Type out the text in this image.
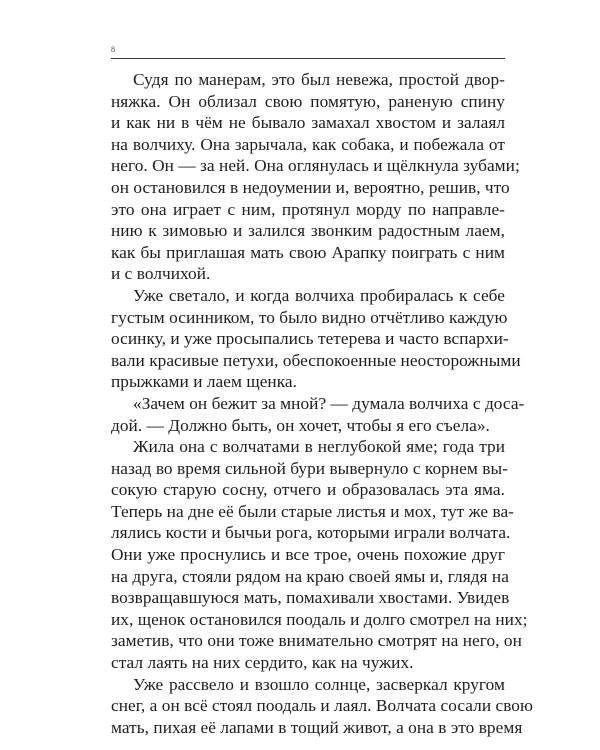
8
Судя по манерам, это был невежа, простой двор-
няжка. Он облизал свою помятую, раненую спину
и как ни в чём не бывало замахал хвостом и залаял
на волчиху. Она зарычала, как собака, и побежала от
него. Он — за ней. Она оглянулась и щёлкнула зубами;
он остановился в недоумении и, вероятно, решив, что
это она играет с ним, протянул морду по направле-
нию к зимовью и залился звонким радостным лаем,
как бы приглашая мать свою Арапку поиграть с ним
и с волчихой.
Уже светало, и когда волчиха пробиралась к себе
густым осинником, то было видно отчётливо каждую
осинку, и уже просыпались тетерева и часто вспархи-
вали красивые петухи, обеспокоенные неосторожными
прыжками и лаем щенка.
«Зачем он бежит за мной? — думала волчиха с доса-
дой. — Должно быть, он хочет, чтобы я его съела».
Жила она с волчатами в неглубокой яме; года три
назад во время сильной бури вывернуло с корнем вы-
сокую старую сосну, отчего и образовалась эта яма.
Теперь на дне её были старые листья и мох, тут же ва-
лялись кости и бычьи рога, которыми играли волчата.
Они уже проснулись и все трое, очень похожие друг
на друга, стояли рядом на краю своей ямы и, глядя на
возвращавшуюся мать, помахивали хвостами. Увидев
их, щенок остановился поодаль и долго смотрел на них;
заметив, что они тоже внимательно смотрят на него, он
стал лаять на них сердито, как на чужих.
Уже рассвело и взошло солнце, засверкал кругом
снег, а он всё стоял поодаль и лаял. Волчата сосали свою
мать, пихая её лапами в тощий живот, а она в это время
